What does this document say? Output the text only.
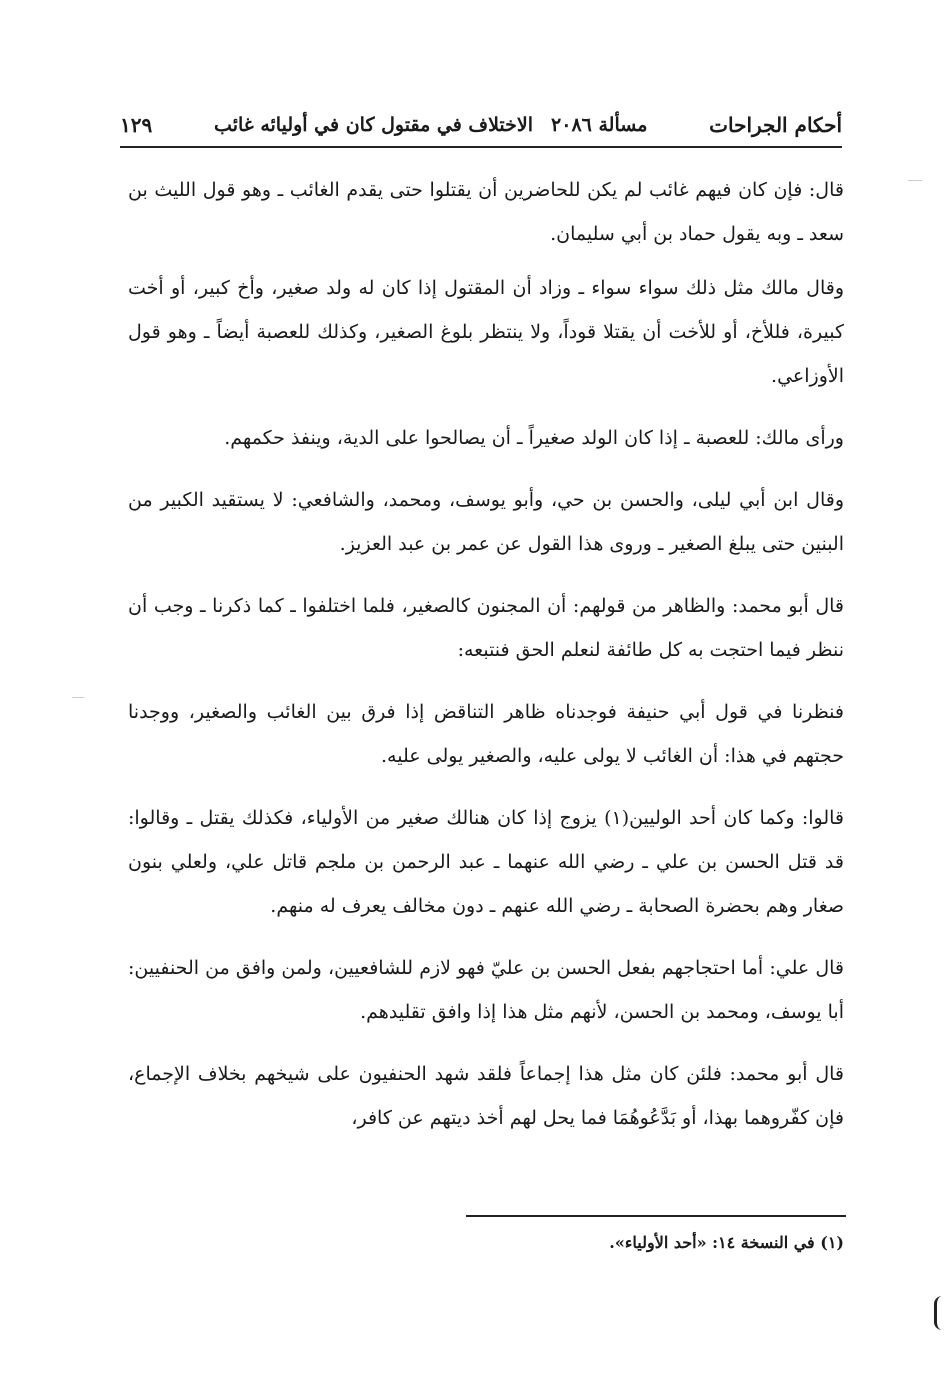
أحكام الجراحات
مسألة ٢٠٨٦
الاختلاف في مقتول كان في أوليائه غائب
١٢٩

قال: فإن كان فيهم غائب لم يكن للحاضرين أن يقتلوا حتى يقدم الغائب ـ وهو قول الليث بن سعد ـ وبه يقول حماد بن أبي سليمان.

وقال مالك مثل ذلك سواء سواء ـ وزاد أن المقتول إذا كان له ولد صغير، وأخ كبير، أو أخت كبيرة، فللأخ، أو للأخت أن يقتلا قوداً، ولا ينتظر بلوغ الصغير، وكذلك للعصبة أيضاً ـ وهو قول الأوزاعي.

ورأى مالك: للعصبة ـ إذا كان الولد صغيراً ـ أن يصالحوا على الدية، وينفذ حكمهم.

وقال ابن أبي ليلى، والحسن بن حي، وأبو يوسف، ومحمد، والشافعي: لا يستقيد الكبير من البنين حتى يبلغ الصغير ـ وروى هذا القول عن عمر بن عبد العزيز.

قال أبو محمد: والظاهر من قولهم: أن المجنون كالصغير، فلما اختلفوا ـ كما ذكرنا ـ وجب أن ننظر فيما احتجت به كل طائفة لنعلم الحق فنتبعه:

فنظرنا في قول أبي حنيفة فوجدناه ظاهر التناقض إذا فرق بين الغائب والصغير، ووجدنا حجتهم في هذا: أن الغائب لا يولى عليه، والصغير يولى عليه.

قالوا: وكما كان أحد الوليين(١) يزوج إذا كان هنالك صغير من الأولياء، فكذلك يقتل ـ وقالوا: قد قتل الحسن بن علي ـ رضي الله عنهما ـ عبد الرحمن بن ملجم قاتل علي، ولعلي بنون صغار وهم بحضرة الصحابة ـ رضي الله عنهم ـ دون مخالف يعرف له منهم.

قال علي: أما احتجاجهم بفعل الحسن بن عليّ فهو لازم للشافعيين، ولمن وافق من الحنفيين: أبا يوسف، ومحمد بن الحسن، لأنهم مثل هذا إذا وافق تقليدهم.

قال أبو محمد: فلئن كان مثل هذا إجماعاً فلقد شهد الحنفيون على شيخهم بخلاف الإجماع، فإن كفّروهما بهذا، أو بَدَّعُوهُمَا فما يحل لهم أخذ ديتهم عن كافر،

(١) في النسخة ١٤: «أحد الأولياء».
